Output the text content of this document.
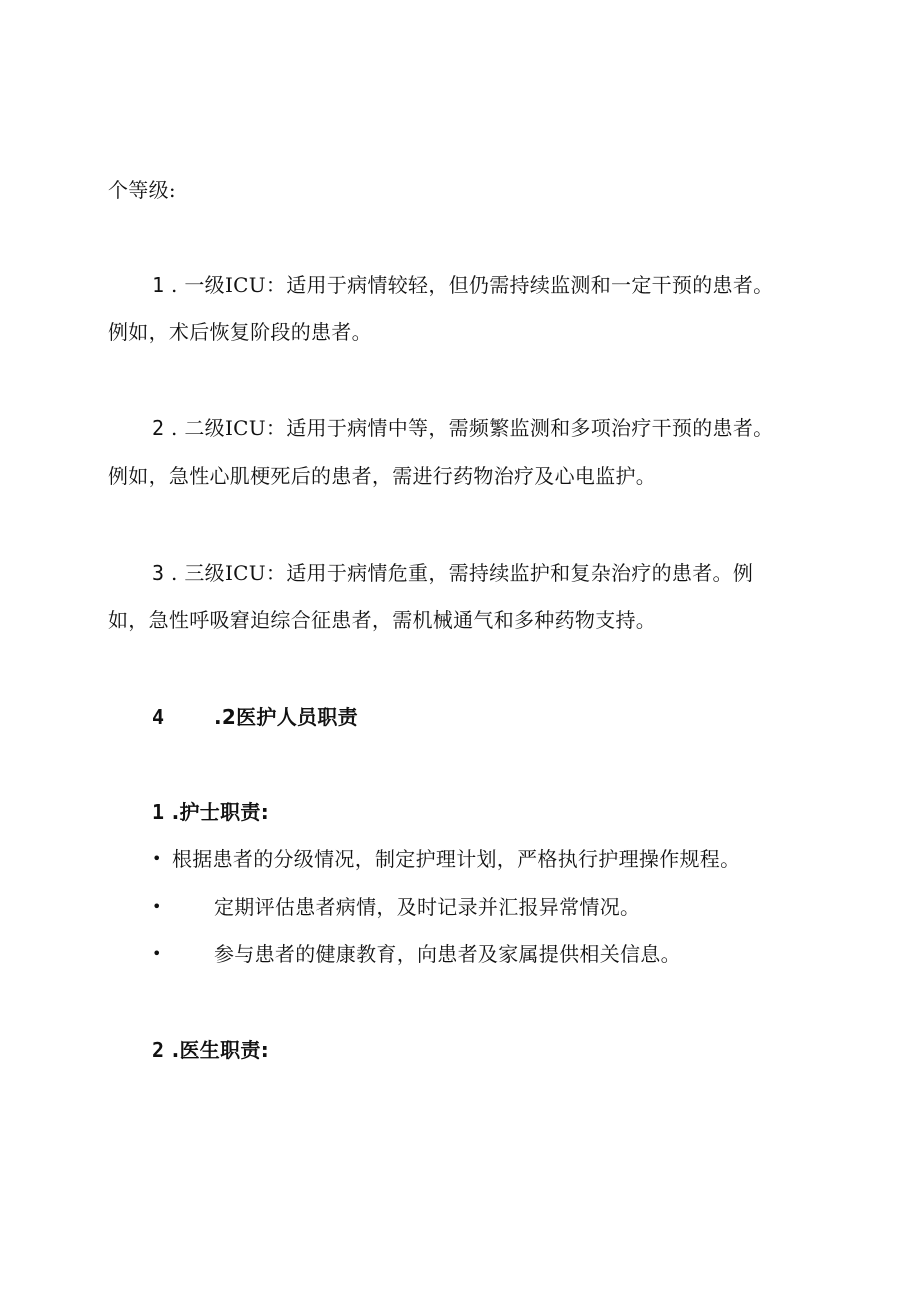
个等级:
1 . 一级ICU：适用于病情较轻，但仍需持续监测和一定干预的患者。
例如，术后恢复阶段的患者。
2 . 二级ICU：适用于病情中等，需频繁监测和多项治疗干预的患者。
例如，急性心肌梗死后的患者，需进行药物治疗及心电监护。
3 . 三级ICU：适用于病情危重，需持续监护和复杂治疗的患者。例
如，急性呼吸窘迫综合征患者，需机械通气和多种药物支持。
4 .2医护人员职责
1 .护士职责:
• 根据患者的分级情况，制定护理计划，严格执行护理操作规程。
•	定期评估患者病情，及时记录并汇报异常情况。
•	参与患者的健康教育，向患者及家属提供相关信息。
2 .医生职责:
